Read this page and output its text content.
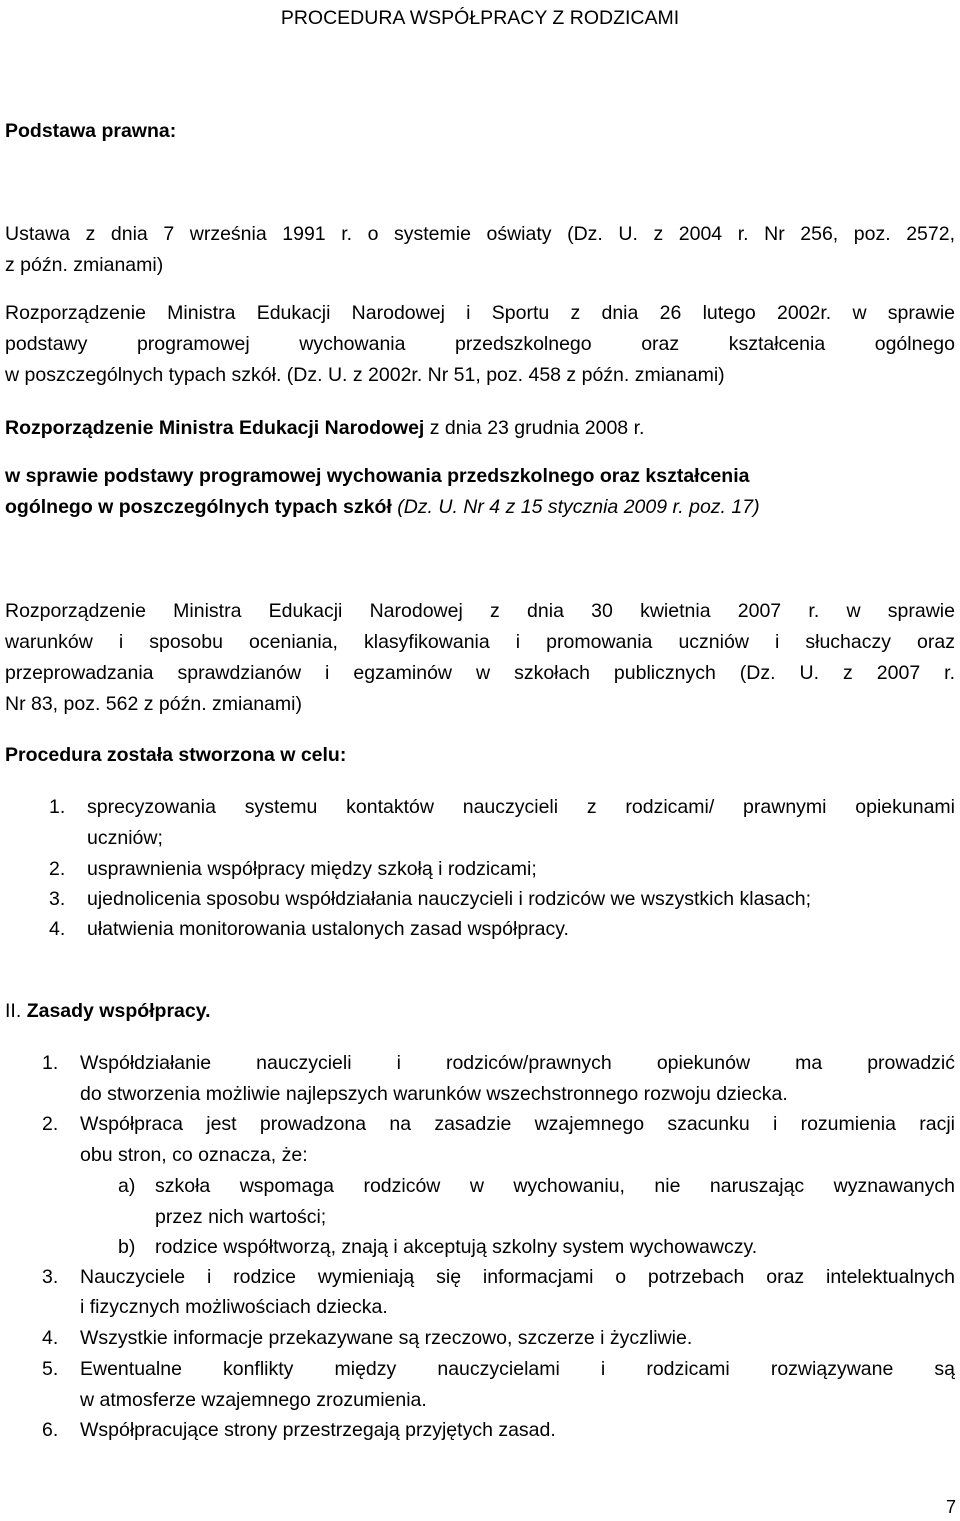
PROCEDURA WSPÓŁPRACY Z RODZICAMI
Podstawa prawna:
Ustawa z dnia 7 września 1991 r. o systemie oświaty (Dz. U. z 2004 r. Nr 256, poz. 2572,
z późn. zmianami)
Rozporządzenie Ministra Edukacji Narodowej i Sportu z dnia 26 lutego 2002r. w sprawie
podstawy programowej wychowania przedszkolnego oraz kształcenia ogólnego
w poszczególnych typach szkół. (Dz. U. z 2002r. Nr 51, poz. 458 z późn. zmianami)
Rozporządzenie Ministra Edukacji Narodowej z dnia 23 grudnia 2008 r.
w sprawie podstawy programowej wychowania przedszkolnego oraz kształcenia
ogólnego w poszczególnych typach szkół (Dz. U. Nr 4 z 15 stycznia 2009 r. poz. 17)
Rozporządzenie Ministra Edukacji Narodowej z dnia 30 kwietnia 2007 r. w sprawie
warunków i sposobu oceniania, klasyfikowania i promowania uczniów i słuchaczy oraz
przeprowadzania sprawdzianów i egzaminów w szkołach publicznych (Dz. U. z 2007 r.
Nr 83, poz. 562 z późn. zmianami)
Procedura została stworzona w celu:
1. sprecyzowania systemu kontaktów nauczycieli z rodzicami/ prawnymi opiekunami
uczniów;
2. usprawnienia współpracy między szkołą i rodzicami;
3. ujednolicenia sposobu współdziałania nauczycieli i rodziców we wszystkich klasach;
4. ułatwienia monitorowania ustalonych zasad współpracy.
II. Zasady współpracy.
1. Współdziałanie nauczycieli i rodziców/prawnych opiekunów ma prowadzić
do stworzenia możliwie najlepszych warunków wszechstronnego rozwoju dziecka.
2. Współpraca jest prowadzona na zasadzie wzajemnego szacunku i rozumienia racji
obu stron, co oznacza, że:
a) szkoła wspomaga rodziców w wychowaniu, nie naruszając wyznawanych
przez nich wartości;
b) rodzice współtworzą, znają i akceptują szkolny system wychowawczy.
3. Nauczyciele i rodzice wymieniają się informacjami o potrzebach oraz intelektualnych
i fizycznych możliwościach dziecka.
4. Wszystkie informacje przekazywane są rzeczowo, szczerze i życzliwie.
5. Ewentualne konflikty między nauczycielami i rodzicami rozwiązywane są
w atmosferze wzajemnego zrozumienia.
6. Współpracujące strony przestrzegają przyjętych zasad.
7
